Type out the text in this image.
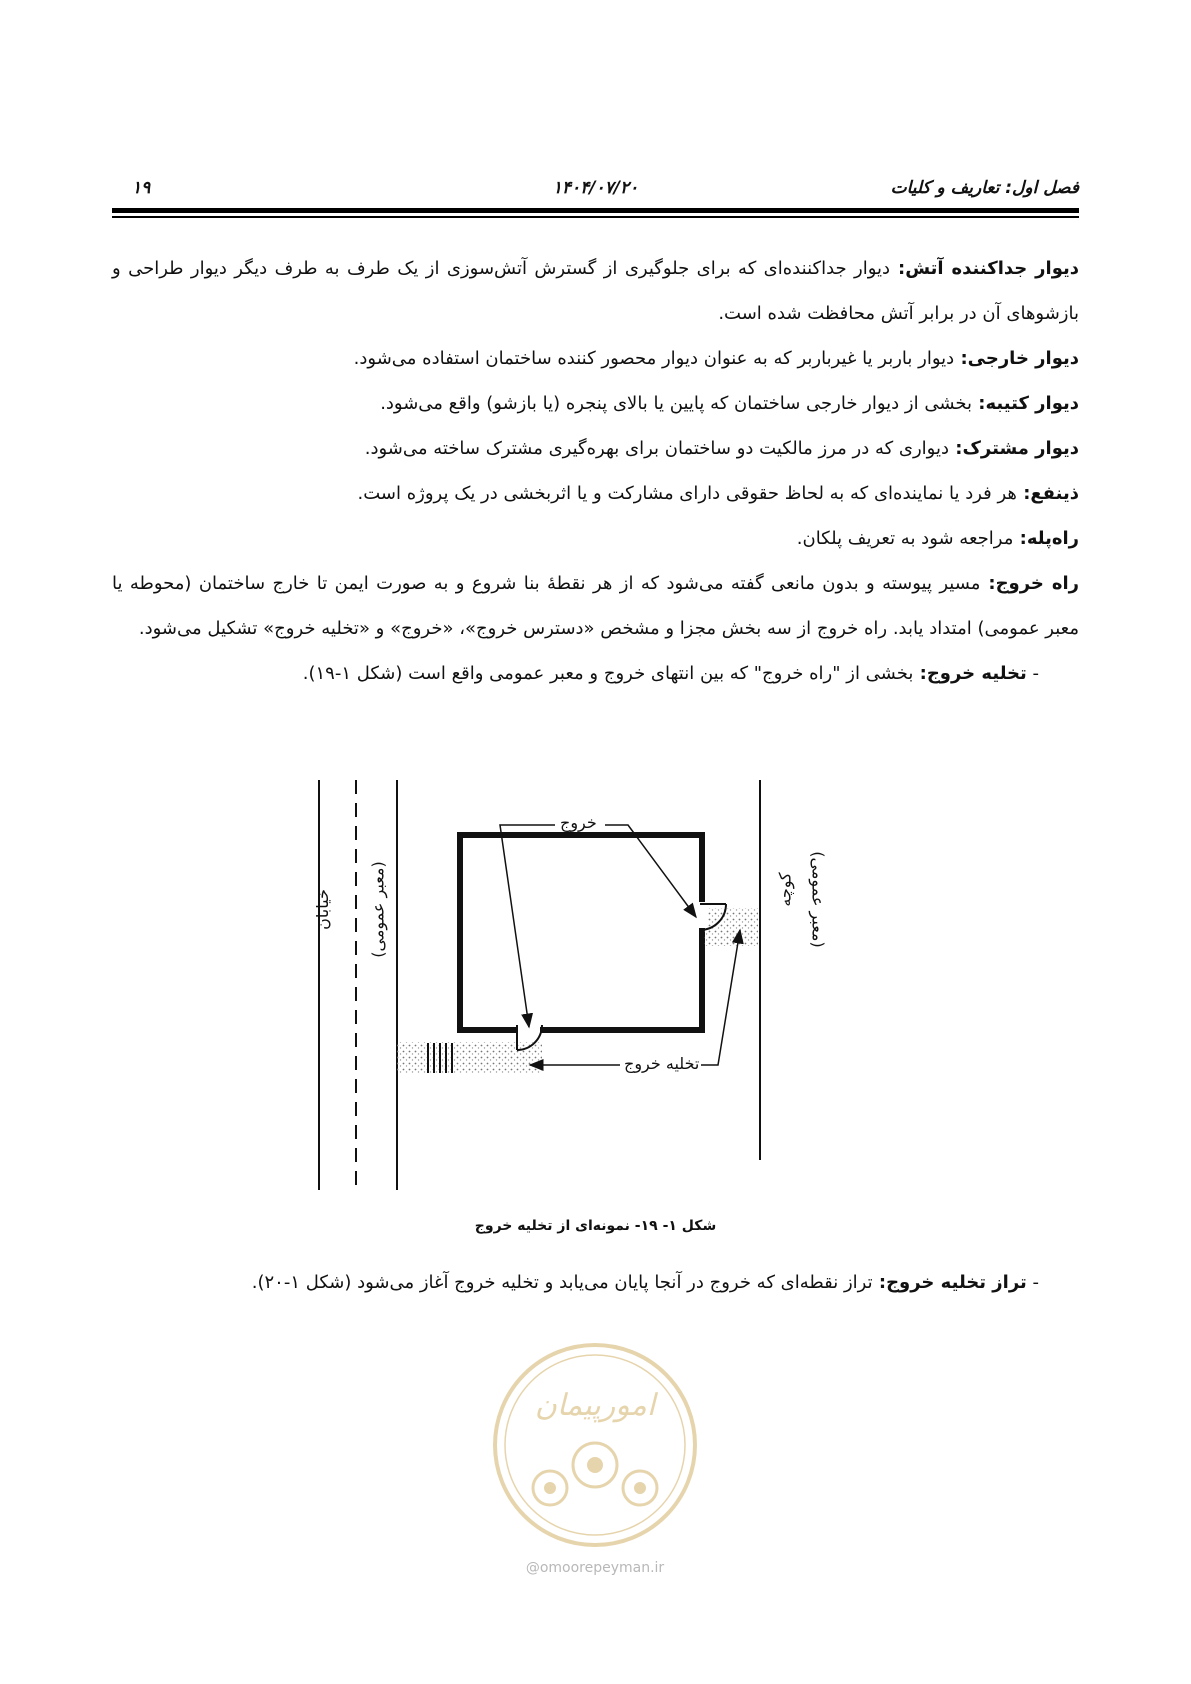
فصل اول: تعاریف و کلیات
۱۴۰۴/۰۷/۲۰
۱۹

دیوار جداکننده آتش: دیوار جداکننده‌ای که برای جلوگیری از گسترش آتش‌سوزی از یک طرف به طرف دیگر دیوار طراحی و بازشوهای آن در برابر آتش محافظت شده است.

دیوار خارجی: دیوار باربر یا غیرباربر که به عنوان دیوار محصور کننده ساختمان استفاده می‌شود.

دیوار کتیبه: بخشی از دیوار خارجی ساختمان که پایین یا بالای پنجره (یا بازشو) واقع می‌شود.

دیوار مشترک: دیواری که در مرز مالکیت دو ساختمان برای بهره‌گیری مشترک ساخته می‌شود.

ذینفع: هر فرد یا نماینده‌ای که به لحاظ حقوقی دارای مشارکت و یا اثربخشی در یک پروژه است.

راه‌پله: مراجعه شود به تعریف پلکان.

راه خروج: مسیر پیوسته و بدون مانعی گفته می‌شود که از هر نقطهٔ بنا شروع و به صورت ایمن تا خارج ساختمان (محوطه یا معبر عمومی) امتداد یابد. راه خروج از سه بخش مجزا و مشخص «دسترس خروج»، «خروج» و «تخلیه خروج» تشکیل می‌شود.

- تخلیه خروج: بخشی از "راه خروج" که بین انتهای خروج و معبر عمومی واقع است (شکل ۱-۱۹).

خروج
تخلیه خروج
خیابان (معبر عمومی)	کوچه (معبر عمومی)
شکل ۱- ۱۹- نمونه‌ای از تخلیه خروج
- تراز تخلیه خروج: تراز نقطه‌ای که خروج در آنجا پایان می‌یابد و تخلیه خروج آغاز می‌شود (شکل ۱-۲۰).
امورپیمان
@omoorepeyman.ir
